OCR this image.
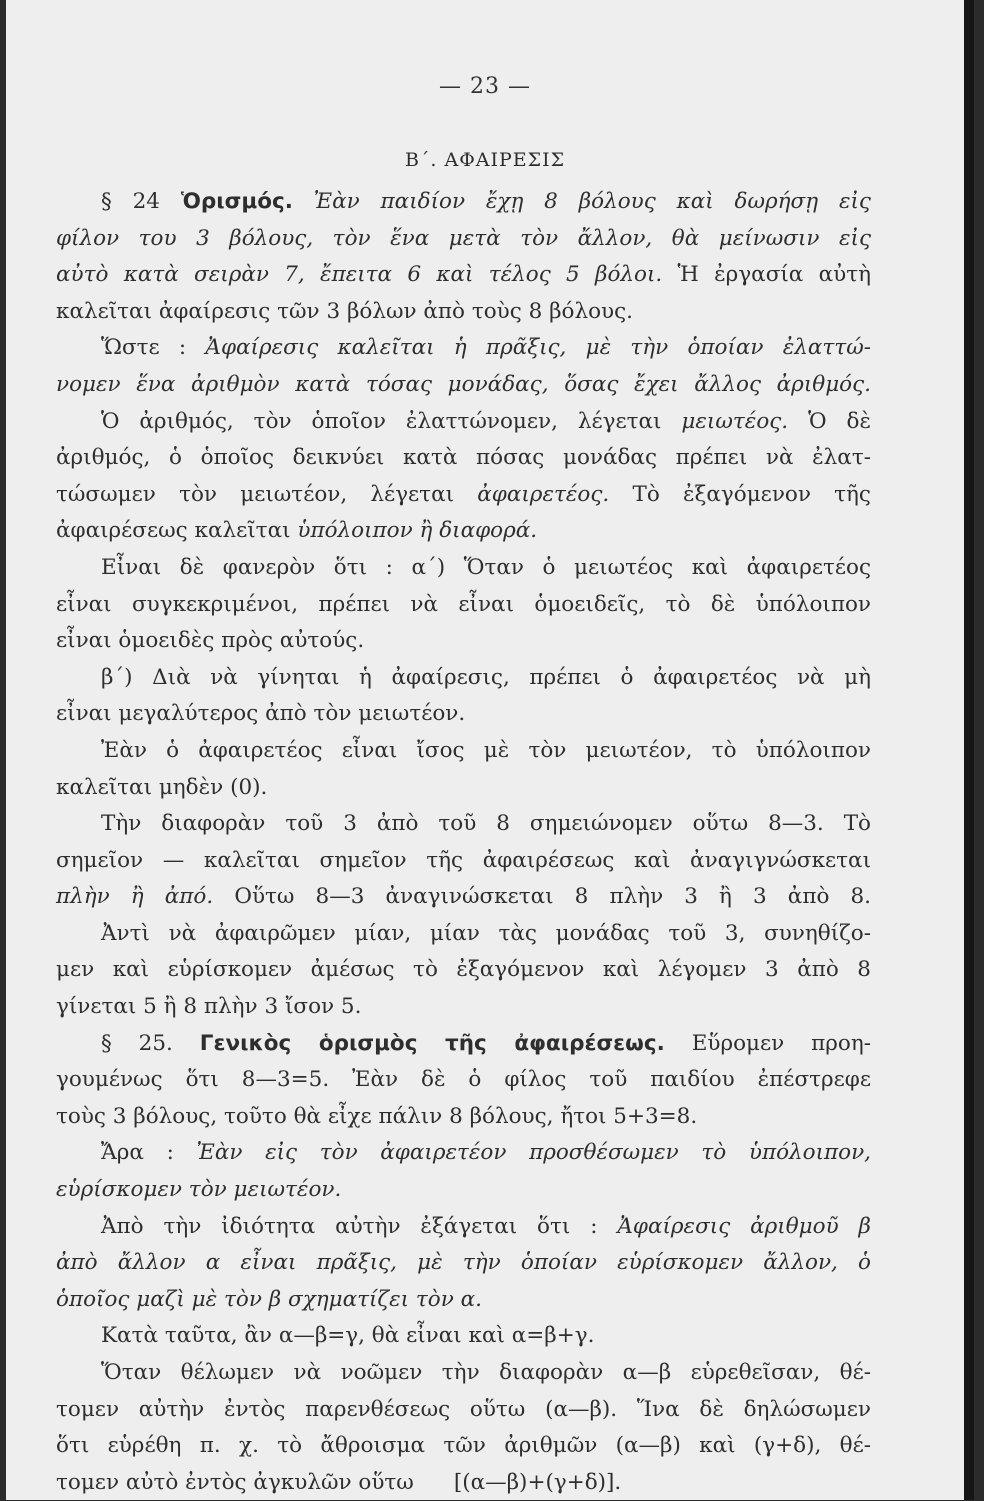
— 23 —
Β΄. ΑΦΑΙΡΕΣΙΣ
§ 24 Ὁρισμός. Ἐὰν παιδίον ἔχῃ 8 βόλους καὶ δωρήσῃ εἰς
φίλον του 3 βόλους, τὸν ἕνα μετὰ τὸν ἄλλον, θὰ μείνωσιν εἰς
αὐτὸ κατὰ σειρὰν 7, ἔπειτα 6 καὶ τέλος 5 βόλοι. Ἡ ἐργασία αὐτὴ
καλεῖται ἀφαίρεσις τῶν 3 βόλων ἀπὸ τοὺς 8 βόλους.
Ὥστε : Ἀφαίρεσις καλεῖται ἡ πρᾶξις, μὲ τὴν ὁποίαν ἐλαττώ-
νομεν ἕνα ἀριθμὸν κατὰ τόσας μονάδας, ὅσας ἔχει ἄλλος ἀριθμός.
Ὁ ἀριθμός, τὸν ὁποῖον ἐλαττώνομεν, λέγεται μειωτέος. Ὁ δὲ
ἀριθμός, ὁ ὁποῖος δεικνύει κατὰ πόσας μονάδας πρέπει νὰ ἐλατ-
τώσωμεν τὸν μειωτέον, λέγεται ἀφαιρετέος. Τὸ ἐξαγόμενον τῆς
ἀφαιρέσεως καλεῖται ὑπόλοιπον ἢ διαφορά.
Εἶναι δὲ φανερὸν ὅτι : α΄) Ὅταν ὁ μειωτέος καὶ ἀφαιρετέος
εἶναι συγκεκριμένοι, πρέπει νὰ εἶναι ὁμοειδεῖς, τὸ δὲ ὑπόλοιπον
εἶναι ὁμοειδὲς πρὸς αὐτούς.
β΄) Διὰ νὰ γίνηται ἡ ἀφαίρεσις, πρέπει ὁ ἀφαιρετέος νὰ μὴ
εἶναι μεγαλύτερος ἀπὸ τὸν μειωτέον.
Ἐὰν ὁ ἀφαιρετέος εἶναι ἴσος μὲ τὸν μειωτέον, τὸ ὑπόλοιπον
καλεῖται μηδὲν (0).
Τὴν διαφορὰν τοῦ 3 ἀπὸ τοῦ 8 σημειώνομεν οὕτω 8—3. Τὸ
σημεῖον — καλεῖται σημεῖον τῆς ἀφαιρέσεως καὶ ἀναγιγνώσκεται
πλὴν ἢ ἀπό. Οὕτω 8—3 ἀναγινώσκεται 8 πλὴν 3 ἢ 3 ἀπὸ 8.
Ἀντὶ νὰ ἀφαιρῶμεν μίαν, μίαν τὰς μονάδας τοῦ 3, συνηθίζο-
μεν καὶ εὑρίσκομεν ἀμέσως τὸ ἐξαγόμενον καὶ λέγομεν 3 ἀπὸ 8
γίνεται 5 ἢ 8 πλὴν 3 ἴσον 5.
§ 25. Γενικὸς ὁρισμὸς τῆς ἀφαιρέσεως. Εὕρομεν προη-
γουμένως ὅτι 8—3=5. Ἐὰν δὲ ὁ φίλος τοῦ παιδίου ἐπέστρεφε
τοὺς 3 βόλους, τοῦτο θὰ εἶχε πάλιν 8 βόλους, ἤτοι 5+3=8.
Ἄρα : Ἐὰν εἰς τὸν ἀφαιρετέον προσθέσωμεν τὸ ὑπόλοιπον,
εὑρίσκομεν τὸν μειωτέον.
Ἀπὸ τὴν ἰδιότητα αὐτὴν ἐξάγεται ὅτι : Ἀφαίρεσις ἀριθμοῦ β
ἀπὸ ἄλλον α εἶναι πρᾶξις, μὲ τὴν ὁποίαν εὑρίσκομεν ἄλλον, ὁ
ὁποῖος μαζὶ μὲ τὸν β σχηματίζει τὸν α.
Κατὰ ταῦτα, ἂν α—β=γ, θὰ εἶναι καὶ α=β+γ.
Ὅταν θέλωμεν νὰ νοῶμεν τὴν διαφορὰν α—β εὑρεθεῖσαν, θέ-
τομεν αὐτὴν ἐντὸς παρενθέσεως οὕτω (α—β). Ἵνα δὲ δηλώσωμεν
ὅτι εὑρέθη π. χ. τὸ ἄθροισμα τῶν ἀριθμῶν (α—β) καὶ (γ+δ), θέ-
τομεν αὐτὸ ἐντὸς ἀγκυλῶν οὕτω [(α—β)+(γ+δ)].
